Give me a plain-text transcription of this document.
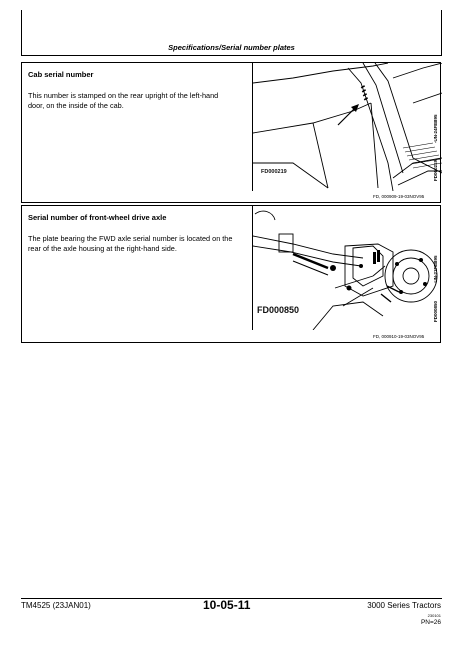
Specifications/Serial number plates
Cab serial number
This number is stamped on the rear upright of the left-hand door, on the inside of the cab.
FD000219
FD, 000909-19-03NOV95
FD000219
-UN-24FEB95
Serial number of front-wheel drive axle
The plate bearing the FWD axle serial number is located on the rear of the axle housing at the right-hand side.
FD000850
FD, 000910-19-03NOV95
FD000850
-UN-21FEB95
TM4525 (23JAN01)	10-05-11	3000 Series Tractors
230101
PN=26
